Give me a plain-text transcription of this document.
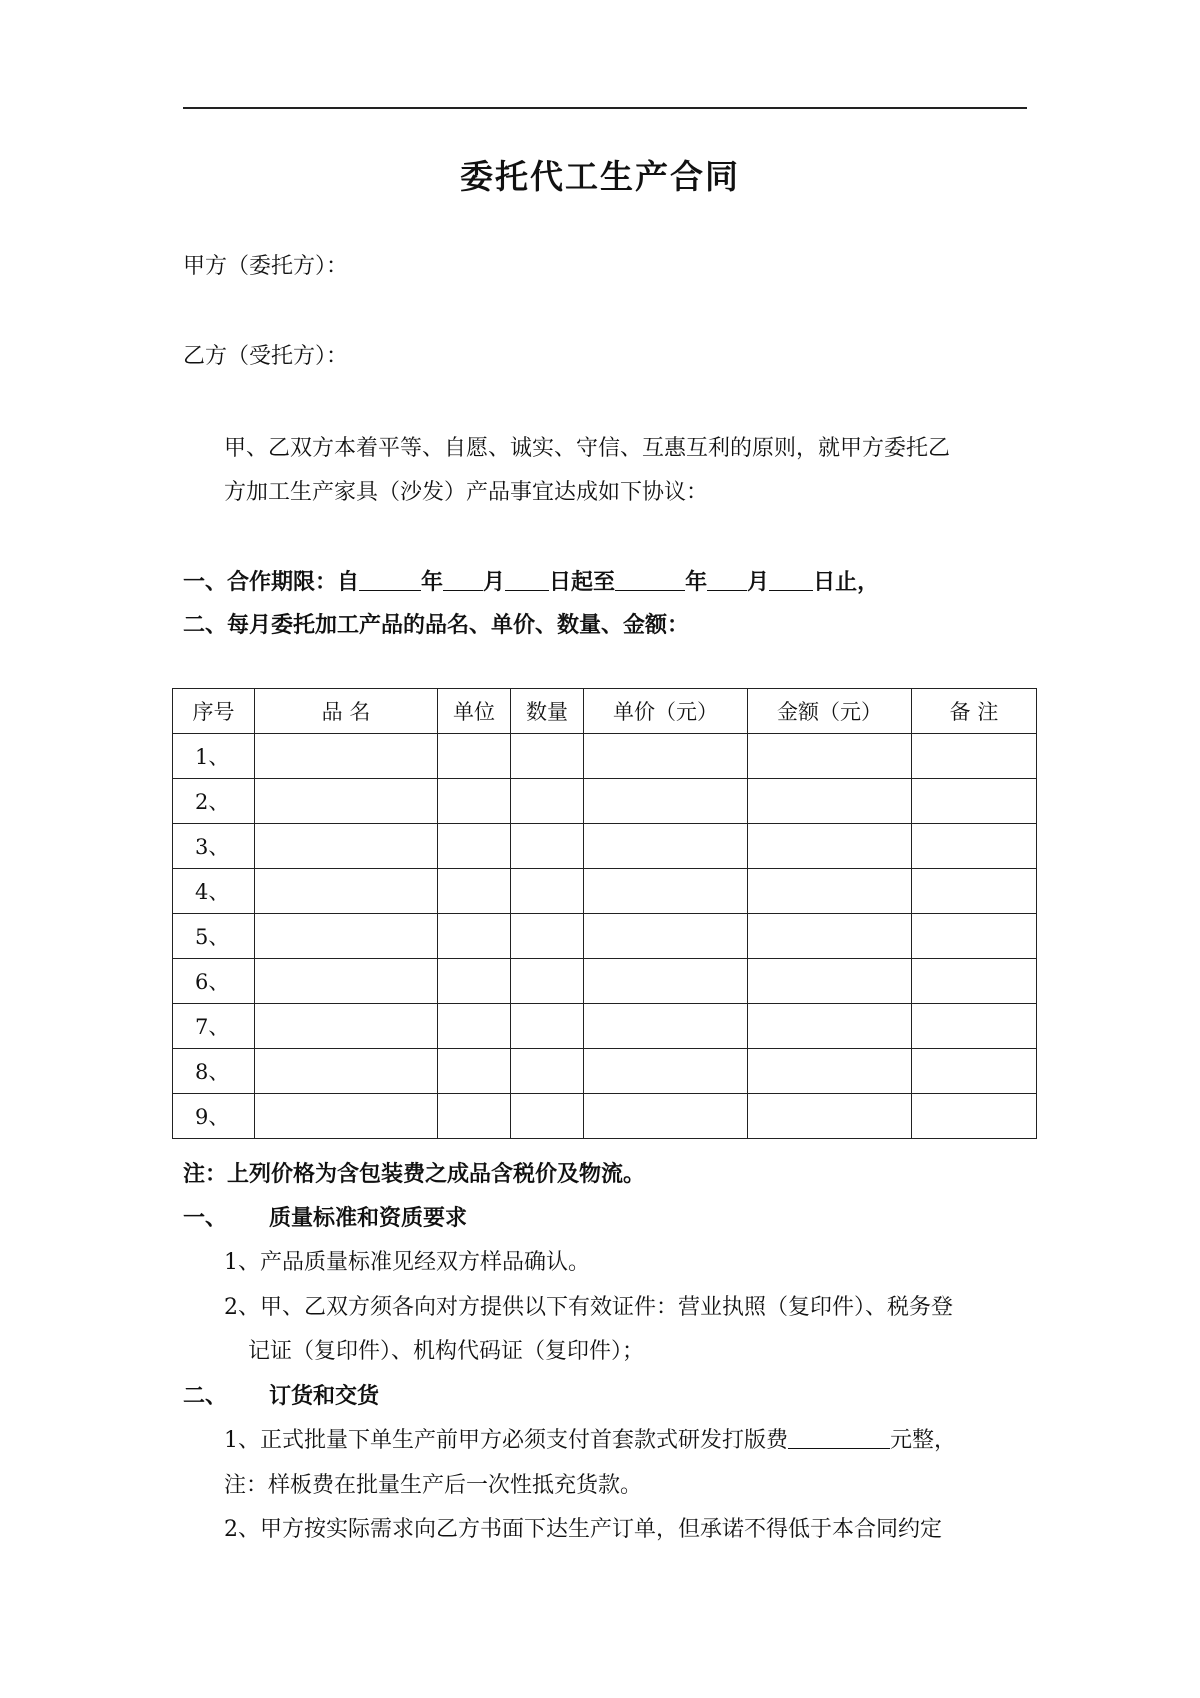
委托代工生产合同
甲方（委托方）：
乙方（受托方）：
甲、乙双方本着平等、自愿、诚实、守信、互惠互利的原则，就甲方委托乙
方加工生产家具（沙发）产品事宜达成如下协议：
一、合作期限：自	年 月 日起至	年 月 日止，
二、每月委托加工产品的品名、单价、数量、金额：
序号	品 名	单位	数量	单价（元）	金额（元）	备 注
1、						
2、						
3、						
4、						
5、						
6、						
7、						
8、						
9、						
注：上列价格为含包装费之成品含税价及物流。
一、 质量标准和资质要求
1、产品质量标准见经双方样品确认。
2、甲、乙双方须各向对方提供以下有效证件：营业执照（复印件）、税务登
记证（复印件）、机构代码证（复印件）；
二、 订货和交货
1、正式批量下单生产前甲方必须支付首套款式研发打版费	元整，
注：样板费在批量生产后一次性抵充货款。
2、甲方按实际需求向乙方书面下达生产订单，但承诺不得低于本合同约定
